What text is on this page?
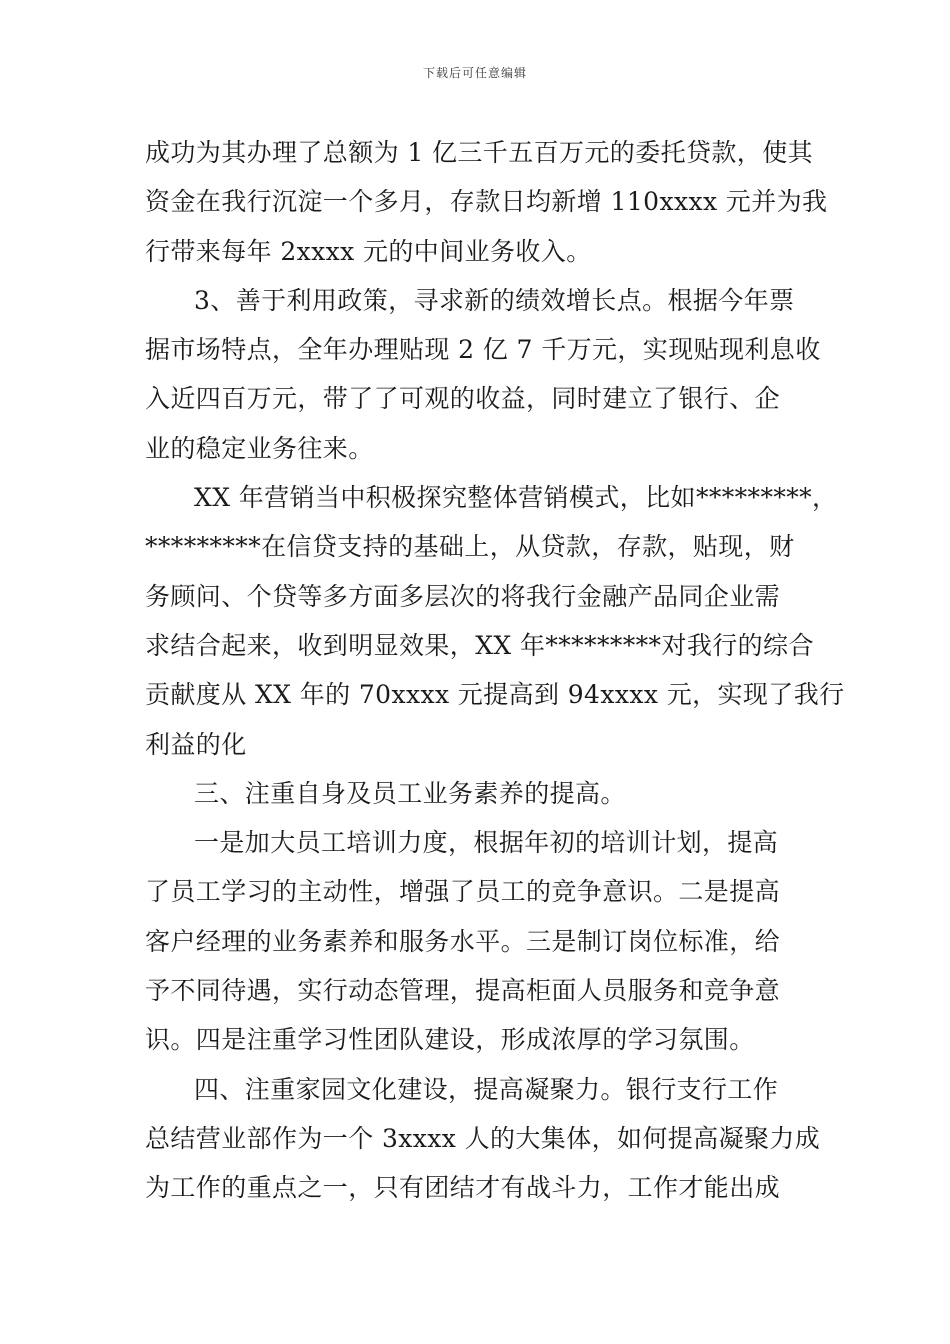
下载后可任意编辑
成功为其办理了总额为 1 亿三千五百万元的委托贷款，使其
资金在我行沉淀一个多月，存款日均新增 110xxxx 元并为我
行带来每年 2xxxx 元的中间业务收入。
3、善于利用政策，寻求新的绩效增长点。根据今年票
据市场特点，全年办理贴现 2 亿 7 千万元，实现贴现利息收
入近四百万元，带了了可观的收益，同时建立了银行、企
业的稳定业务往来。
XX 年营销当中积极探究整体营销模式，比如*********，
*********在信贷支持的基础上，从贷款，存款，贴现，财
务顾问、个贷等多方面多层次的将我行金融产品同企业需
求结合起来，收到明显效果，XX 年*********对我行的综合
贡献度从 XX 年的 70xxxx 元提高到 94xxxx 元，实现了我行
利益的化
三、注重自身及员工业务素养的提高。
一是加大员工培训力度，根据年初的培训计划，提高
了员工学习的主动性，增强了员工的竞争意识。二是提高
客户经理的业务素养和服务水平。三是制订岗位标准，给
予不同待遇，实行动态管理，提高柜面人员服务和竞争意
识。四是注重学习性团队建设，形成浓厚的学习氛围。
四、注重家园文化建设，提高凝聚力。银行支行工作
总结营业部作为一个 3xxxx 人的大集体，如何提高凝聚力成
为工作的重点之一，只有团结才有战斗力，工作才能出成
